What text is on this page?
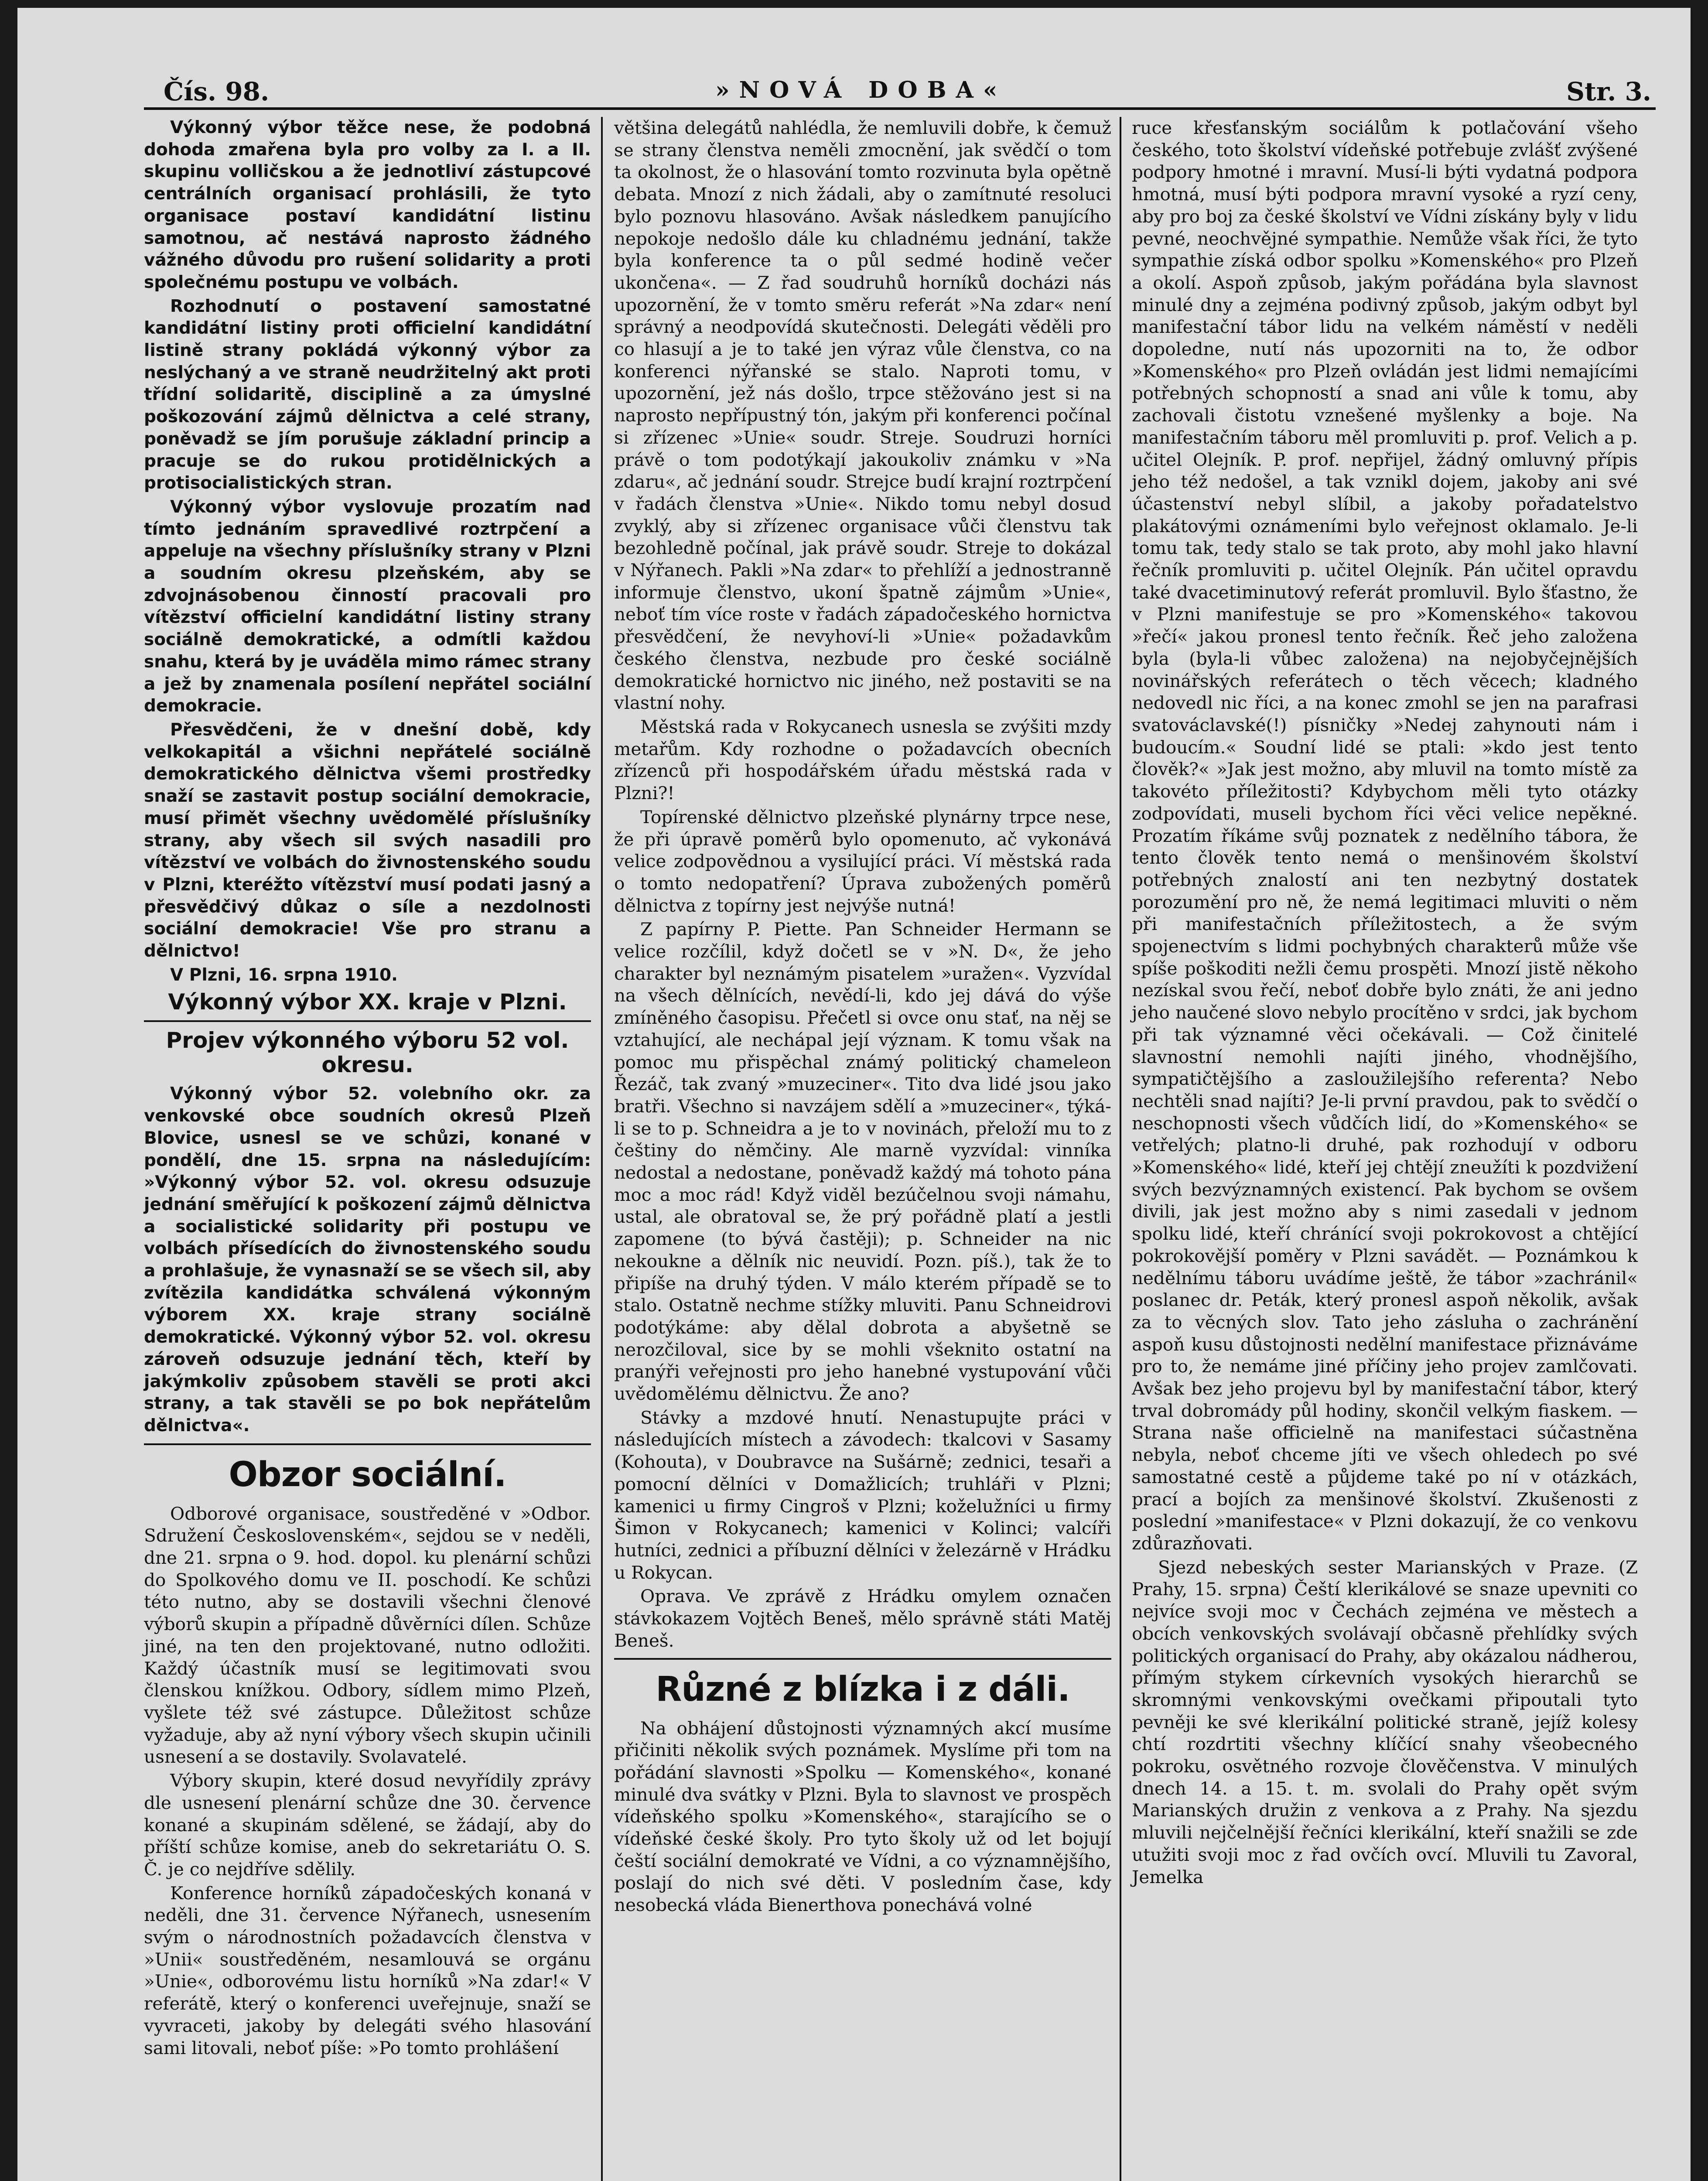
Čís. 98.	»NOVÁ DOBA«	Str. 3.

Výkonný výbor těžce nese, že podobná dohoda zmařena byla pro volby za I. a II. skupinu volličskou a že jednotliví zástupcové centrálních organisací prohlásili, že tyto organisace postaví kandidátní listinu samotnou, ač nestává naprosto žádného vážného důvodu pro rušení solidarity a proti společnému postupu ve volbách.

Rozhodnutí o postavení samostatné kandidátní listiny proti officielní kandidátní listině strany pokládá výkonný výbor za neslýchaný a ve straně neudržitelný akt proti třídní solidaritě, disciplině a za úmyslné poškozování zájmů dělnictva a celé strany, poněvadž se jím porušuje základní princip a pracuje se do rukou protidělnických a protisocialistických stran.

Výkonný výbor vyslovuje prozatím nad tímto jednáním spravedlivé roztrpčení a appeluje na všechny příslušníky strany v Plzni a soudním okresu plzeňském, aby se zdvojnásobenou činností pracovali pro vítězství officielní kandidátní listiny strany sociálně demokratické, a odmítli každou snahu, která by je uváděla mimo rámec strany a jež by znamenala posílení nepřátel sociální demokracie.

Přesvědčeni, že v dnešní době, kdy velkokapitál a všichni nepřátelé sociálně demokratického dělnictva všemi prostředky snaží se zastavit postup sociální demokracie, musí přimět všechny uvědomělé příslušníky strany, aby všech sil svých nasadili pro vítězství ve volbách do živnostenského soudu v Plzni, kteréžto vítězství musí podati jasný a přesvědčivý důkaz o síle a nezdolnosti sociální demokracie! Vše pro stranu a dělnictvo!

V Plzni, 16. srpna 1910.

Výkonný výbor XX. kraje v Plzni.
Projev výkonného výboru 52 vol. okresu.

Výkonný výbor 52. volebního okr. za venkovské obce soudních okresů Plzeň Blovice, usnesl se ve schůzi, konané v pondělí, dne 15. srpna na následujícím: »Výkonný výbor 52. vol. okresu odsuzuje jednání směřující k poškození zájmů dělnictva a socialistické solidarity při postupu ve volbách přísedících do živnostenského soudu a prohlašuje, že vynasnaží se se všech sil, aby zvítězila kandidátka schválená výkonným výborem XX. kraje strany sociálně demokratické. Výkonný výbor 52. vol. okresu zároveň odsuzuje jednání těch, kteří by jakýmkoliv způsobem stavěli se proti akci strany, a tak stavěli se po bok nepřátelům dělnictva«.

Obzor sociální.

Odborové organisace, soustředěné v »Odbor. Sdružení Československém«, sejdou se v neděli, dne 21. srpna o 9. hod. dopol. ku plenární schůzi do Spolkového domu ve II. poschodí. Ke schůzi této nutno, aby se dostavili všechni členové výborů skupin a případně důvěrníci dílen. Schůze jiné, na ten den projektované, nutno odložiti. Každý účastník musí se legitimovati svou členskou knížkou. Odbory, sídlem mimo Plzeň, vyšlete též své zástupce. Důležitost schůze vyžaduje, aby až nyní výbory všech skupin učinili usnesení a se dostavily. Svolavatelé.

Výbory skupin, které dosud nevyřídily zprávy dle usnesení plenární schůze dne 30. července konané a skupinám sdělené, se žádají, aby do příští schůze komise, aneb do sekretariátu O. S. Č. je co nejdříve sdělily.

Konference horníků západočeských konaná v neděli, dne 31. července Nýřanech, usnesením svým o národnostních požadavcích členstva v »Unii« soustředěném, nesamlouvá se orgánu »Unie«, odborovému listu horníků »Na zdar!« V referátě, který o konferenci uveřejnuje, snaží se vyvraceti, jakoby by delegáti svého hlasování sami litovali, neboť píše: »Po tomto prohlášení

většina delegátů nahlédla, že nemluvili dobře, k čemuž se strany členstva neměli zmocnění, jak svědčí o tom ta okolnost, že o hlasování tomto rozvinuta byla opětně debata. Mnozí z nich žádali, aby o zamítnuté resoluci bylo poznovu hlasováno. Avšak následkem panujícího nepokoje nedošlo dále ku chladnému jednání, takže byla konference ta o půl sedmé hodině večer ukončena«. — Z řad soudruhů horníků docházi nás upozornění, že v tomto směru referát »Na zdar« není správný a neodpovídá skutečnosti. Delegáti věděli pro co hlasují a je to také jen výraz vůle členstva, co na konferenci nýřanské se stalo. Naproti tomu, v upozornění, jež nás došlo, trpce stěžováno jest si na naprosto nepřípustný tón, jakým při konferenci počínal si zřízenec »Unie« soudr. Streje. Soudruzi horníci právě o tom podotýkají jakoukoliv známku v »Na zdaru«, ač jednání soudr. Strejce budí krajní roztrpčení v řadách členstva »Unie«. Nikdo tomu nebyl dosud zvyklý, aby si zřízenec organisace vůči členstvu tak bezohledně počínal, jak právě soudr. Streje to dokázal v Nýřanech. Pakli »Na zdar« to přehlíží a jednostranně informuje členstvo, ukoní špatně zájmům »Unie«, neboť tím více roste v řadách západočeského hornictva přesvědčení, že nevyhoví-li »Unie« požadavkům českého členstva, nezbude pro české sociálně demokratické hornictvo nic jiného, než postaviti se na vlastní nohy.

Městská rada v Rokycanech usnesla se zvýšiti mzdy metařům. Kdy rozhodne o požadavcích obecních zřízenců při hospodářském úřadu městská rada v Plzni?!

Topírenské dělnictvo plzeňské plynárny trpce nese, že při úpravě poměrů bylo opomenuto, ač vykonává velice zodpovědnou a vysilující práci. Ví městská rada o tomto nedopatření? Úprava zubožených poměrů dělnictva z topírny jest nejvýše nutná!

Z papírny P. Piette. Pan Schneider Hermann se velice rozčílil, když dočetl se v »N. D«, že jeho charakter byl neznámým pisatelem »uražen«. Vyzvídal na všech dělnících, nevědí-li, kdo jej dává do výše zmíněného časopisu. Přečetl si ovce onu stať, na něj se vztahující, ale nechápal její význam. K tomu však na pomoc mu přispěchal známý politický chameleon Řezáč, tak zvaný »muzeciner«. Tito dva lidé jsou jako bratři. Všechno si navzájem sdělí a »muzeciner«, týká-li se to p. Schneidra a je to v novinách, přeloží mu to z češtiny do němčiny. Ale marně vyzvídal: vinníka nedostal a nedostane, poněvadž každý má tohoto pána moc a moc rád! Když viděl bezúčelnou svoji námahu, ustal, ale obratoval se, že prý pořádně platí a jestli zapomene (to bývá častěji); p. Schneider na nic nekoukne a dělník nic neuvidí. Pozn. píš.), tak že to připíše na druhý týden. V málo kterém případě se to stalo. Ostatně nechme stížky mluviti. Panu Schneidrovi podotýkáme: aby dělal dobrota a abyšetně se nerozčiloval, sice by se mohli všeknito ostatní na pranýři veřejnosti pro jeho hanebné vystupování vůči uvědomělému dělnictvu. Že ano?

Stávky a mzdové hnutí. Nenastupujte práci v následujících místech a závodech: tkalcovi v Sasamy (Kohouta), v Doubravce na Sušárně; zednici, tesaři a pomocní dělníci v Domažlicích; truhláři v Plzni; kamenici u firmy Cingroš v Plzni; koželužníci u firmy Šimon v Rokycanech; kamenici v Kolinci; valcíři hutníci, zednici a příbuzní dělníci v železárně v Hrádku u Rokycan.

Oprava. Ve zprávě z Hrádku omylem označen stávkokazem Vojtěch Beneš, mělo správně státi Matěj Beneš.

Různé z blízka i z dáli.

Na obhájení důstojnosti významných akcí musíme přičiniti několik svých poznámek. Myslíme při tom na pořádání slavnosti »Spolku — Komenského«, konané minulé dva svátky v Plzni. Byla to slavnost ve prospěch vídeňského spolku »Komenského«, starajícího se o vídeňské české školy. Pro tyto školy už od let bojují čeští sociální demokraté ve Vídni, a co významnějšího, poslají do nich své děti. V posledním čase, kdy nesobecká vláda Bienerthova ponechává volné

ruce křesťanským sociálům k potlačování všeho českého, toto školství vídeňské potřebuje zvlášť zvýšené podpory hmotné i mravní. Musí-li býti vydatná podpora hmotná, musí býti podpora mravní vysoké a ryzí ceny, aby pro boj za české školství ve Vídni získány byly v lidu pevné, neochvějné sympathie. Nemůže však říci, že tyto sympathie získá odbor spolku »Komenského« pro Plzeň a okolí. Aspoň způsob, jakým pořádána byla slavnost minulé dny a zejména podivný způsob, jakým odbyt byl manifestační tábor lidu na velkém náměstí v neděli dopoledne, nutí nás upozorniti na to, že odbor »Komenského« pro Plzeň ovládán jest lidmi nemajícími potřebných schopností a snad ani vůle k tomu, aby zachovali čistotu vznešené myšlenky a boje. Na manifestačním táboru měl promluviti p. prof. Velich a p. učitel Olejník. P. prof. nepřijel, žádný omluvný přípis jeho též nedošel, a tak vznikl dojem, jakoby ani své účastenství nebyl slíbil, a jakoby pořadatelstvo plakátovými oznámeními bylo veřejnost oklamalo. Je-li tomu tak, tedy stalo se tak proto, aby mohl jako hlavní řečník promluviti p. učitel Olejník. Pán učitel opravdu také dvacetiminutový referát promluvil. Bylo šťastno, že v Plzni manifestuje se pro »Komenského« takovou »řečí« jakou pronesl tento řečník. Řeč jeho založena byla (byla-li vůbec založena) na nejobyčejnějších novinářských referátech o těch věcech; kladného nedovedl nic říci, a na konec zmohl se jen na parafrasi svatováclavské(!) písničky »Nedej zahynouti nám i budoucím.« Soudní lidé se ptali: »kdo jest tento člověk?« »Jak jest možno, aby mluvil na tomto místě za takovéto příležitosti? Kdybychom měli tyto otázky zodpovídati, museli bychom říci věci velice nepěkné. Prozatím říkáme svůj poznatek z nedělního tábora, že tento člověk tento nemá o menšinovém školství potřebných znalostí ani ten nezbytný dostatek porozumění pro ně, že nemá legitimaci mluviti o něm při manifestačních příležitostech, a že svým spojenectvím s lidmi pochybných charakterů může vše spíše poškoditi nežli čemu prospěti. Mnozí jistě někoho nezískal svou řečí, neboť dobře bylo znáti, že ani jedno jeho naučené slovo nebylo procítěno v srdci, jak bychom při tak významné věci očekávali. — Což činitelé slavnostní nemohli najíti jiného, vhodnějšího, sympatičtějšího a zasloužilejšího referenta? Nebo nechtěli snad najíti? Je-li první pravdou, pak to svědčí o neschopnosti všech vůdčích lidí, do »Komenského« se vetřelých; platno-li druhé, pak rozhodují v odboru »Komenského« lidé, kteří jej chtějí zneužíti k pozdvižení svých bezvýznamných existencí. Pak bychom se ovšem divili, jak jest možno aby s nimi zasedali v jednom spolku lidé, kteří chránící svoji pokrokovost a chtějící pokrokovější poměry v Plzni savádět. — Poznámkou k nedělnímu táboru uvádíme ještě, že tábor »zachránil« poslanec dr. Peták, který pronesl aspoň několik, avšak za to věcných slov. Tato jeho zásluha o zachránění aspoň kusu důstojnosti nedělní manifestace přiznáváme pro to, že nemáme jiné příčiny jeho projev zamlčovati. Avšak bez jeho projevu byl by manifestační tábor, který trval dobromády půl hodiny, skončil velkým fiaskem. — Strana naše officielně na manifestaci súčastněna nebyla, neboť chceme jíti ve všech ohledech po své samostatné cestě a půjdeme také po ní v otázkách, prací a bojích za menšinové školství. Zkušenosti z poslední »manifestace« v Plzni dokazují, že co venkovu zdůrazňovati.

Sjezd nebeských sester Marianských v Praze. (Z Prahy, 15. srpna) Čeští klerikálové se snaze upevniti co nejvíce svoji moc v Čechách zejména ve městech a obcích venkovských svolávají občasně přehlídky svých politických organisací do Prahy, aby okázalou nádherou, přímým stykem církevních vysokých hierarchů se skromnými venkovskými ovečkami připoutali tyto pevněji ke své klerikální politické straně, jejíž kolesy chtí rozdrtiti všechny klíčící snahy všeobecného pokroku, osvětného rozvoje člověčenstva. V minulých dnech 14. a 15. t. m. svolali do Prahy opět svým Marianských družin z venkova a z Prahy. Na sjezdu mluvili nejčelnější řečníci klerikální, kteří snažili se zde utužiti svoji moc z řad ovčích ovcí. Mluvili tu Zavoral, Jemelka
